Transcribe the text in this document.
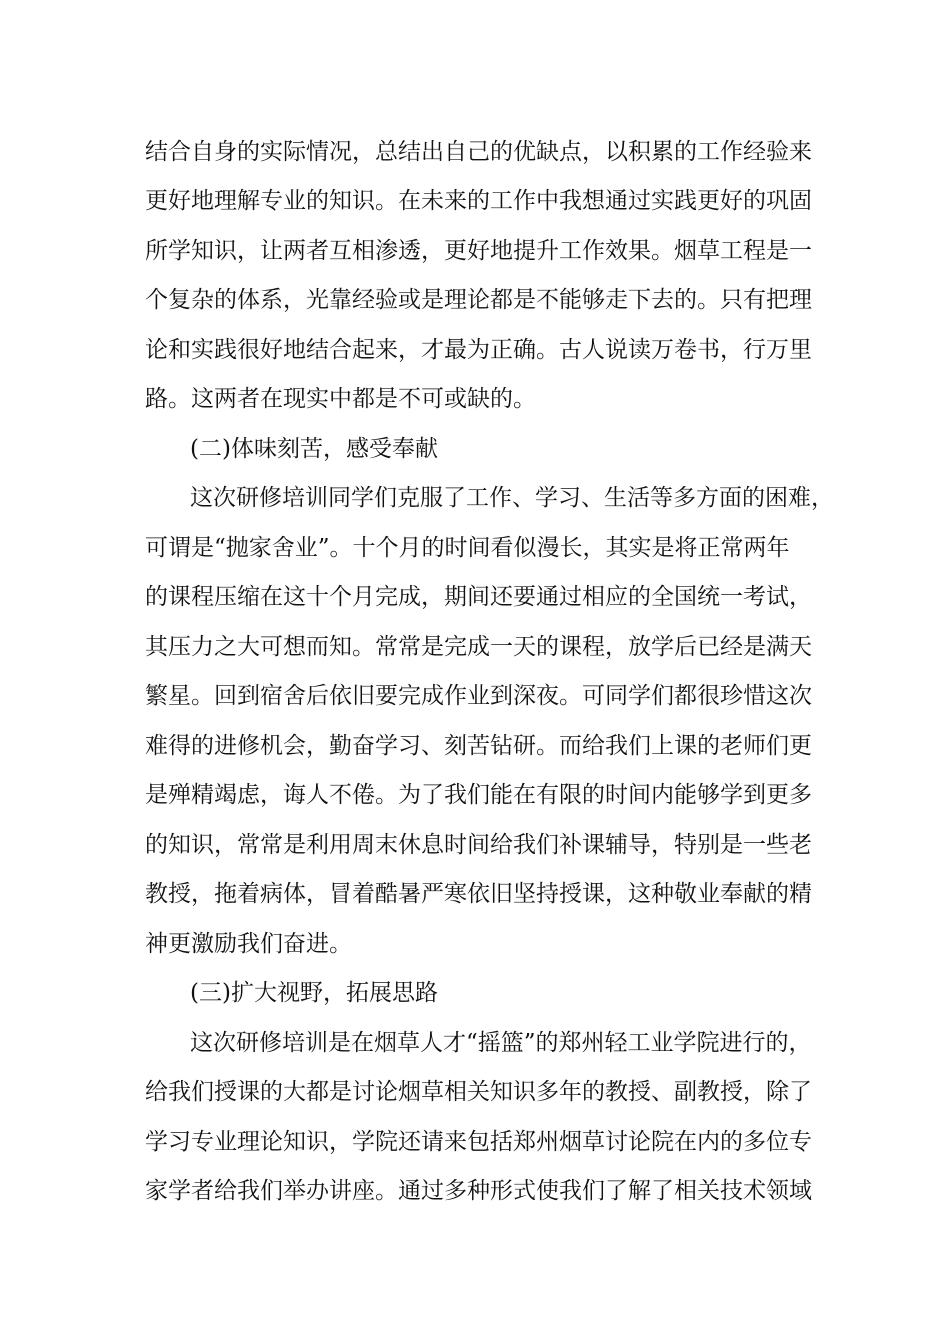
结合自身的实际情况，总结出自己的优缺点，以积累的工作经验来
更好地理解专业的知识。在未来的工作中我想通过实践更好的巩固
所学知识，让两者互相渗透，更好地提升工作效果。烟草工程是一
个复杂的体系，光靠经验或是理论都是不能够走下去的。只有把理
论和实践很好地结合起来，才最为正确。古人说读万卷书，行万里
路。这两者在现实中都是不可或缺的。
(二)体味刻苦，感受奉献
这次研修培训同学们克服了工作、学习、生活等多方面的困难，
可谓是“抛家舍业”。十个月的时间看似漫长，其实是将正常两年
的课程压缩在这十个月完成，期间还要通过相应的全国统一考试，
其压力之大可想而知。常常是完成一天的课程，放学后已经是满天
繁星。回到宿舍后依旧要完成作业到深夜。可同学们都很珍惜这次
难得的进修机会，勤奋学习、刻苦钻研。而给我们上课的老师们更
是殚精竭虑，诲人不倦。为了我们能在有限的时间内能够学到更多
的知识，常常是利用周末休息时间给我们补课辅导，特别是一些老
教授，拖着病体，冒着酷暑严寒依旧坚持授课，这种敬业奉献的精
神更激励我们奋进。
(三)扩大视野，拓展思路
这次研修培训是在烟草人才“摇篮”的郑州轻工业学院进行的，
给我们授课的大都是讨论烟草相关知识多年的教授、副教授，除了
学习专业理论知识，学院还请来包括郑州烟草讨论院在内的多位专
家学者给我们举办讲座。通过多种形式使我们了解了相关技术领域
